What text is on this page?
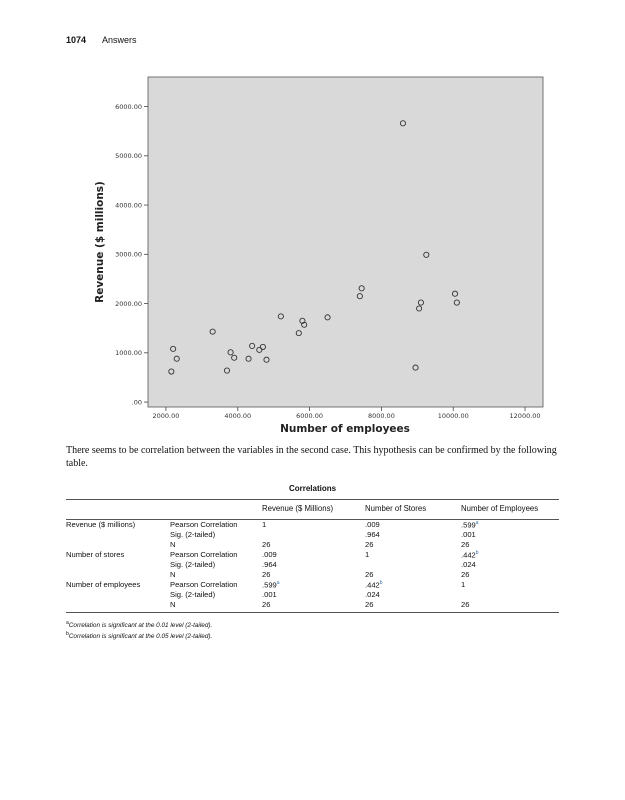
1074 Answers
2000.00	4000.00	6000.00	8000.00	10000.00	12000.00
.00
1000.00
2000.00
3000.00
4000.00
5000.00
6000.00
Number of employees
Revenue ($ millions)
There seems to be correlation between the variables in the second case. This hypothesis can be confirmed by the following table.
Correlations
		Revenue ($ Millions)	Number of Stores	Number of Employees
Revenue ($ millions)	Pearson Correlation	1	.009	.599$^a$
	Sig. (2-tailed)		.964	.001
	N	26	26	26
Number of stores	Pearson Correlation	.009	1	.442$^b$
	Sig. (2-tailed)	.964		.024
	N	26	26	26
Number of employees	Pearson Correlation	.599$^a$	.442$^b$	1
	Sig. (2-tailed)	.001	.024	
	N	26	26	26
$^a$Correlation is significant at the 0.01 level (2-tailed).
$^b$Correlation is significant at the 0.05 level (2-tailed).
